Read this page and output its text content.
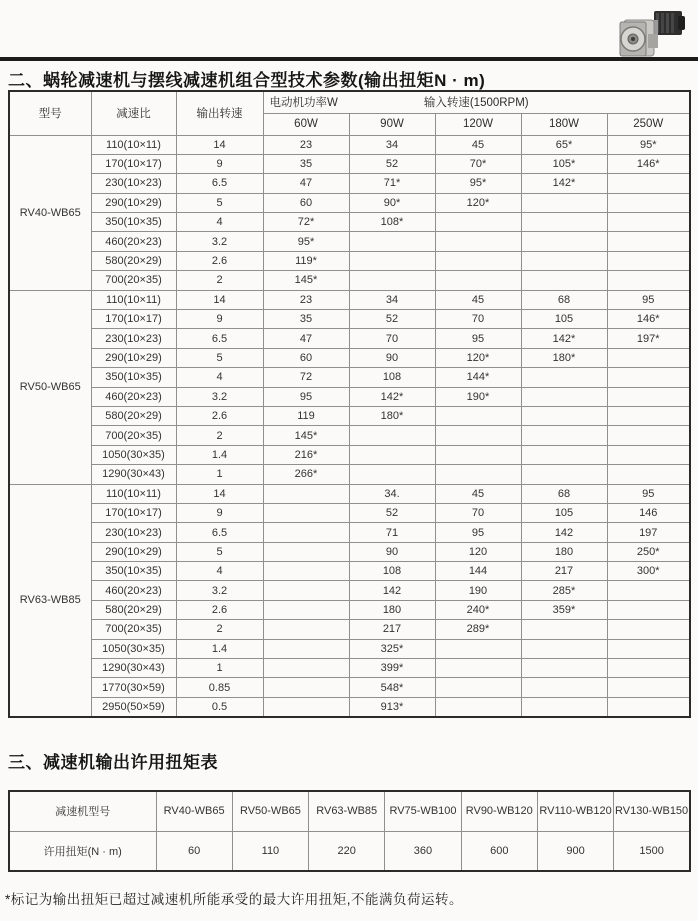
二、蜗轮减速机与摆线减速机组合型技术参数(输出扭矩N · m)
型号	减速比	输出转速	电动机功率W 输入转速(1500RPM)				
			60W	90W	120W	180W	250W
RV40-WB65	110(10×11)	14	23	34	45	65*	95*
	170(10×17)	9	35	52	70*	105*	146*
	230(10×23)	6.5	47	71*	95*	142*	
	290(10×29)	5	60	90*	120*		
	350(10×35)	4	72*	108*			
	460(20×23)	3.2	95*				
	580(20×29)	2.6	119*				
	700(20×35)	2	145*				
RV50-WB65	110(10×11)	14	23	34	45	68	95
	170(10×17)	9	35	52	70	105	146*
	230(10×23)	6.5	47	70	95	142*	197*
	290(10×29)	5	60	90	120*	180*	
	350(10×35)	4	72	108	144*		
	460(20×23)	3.2	95	142*	190*		
	580(20×29)	2.6	119	180*			
	700(20×35)	2	145*				
	1050(30×35)	1.4	216*				
	1290(30×43)	1	266*				
RV63-WB85	110(10×11)	14		34.	45	68	95
	170(10×17)	9		52	70	105	146
	230(10×23)	6.5		71	95	142	197
	290(10×29)	5		90	120	180	250*
	350(10×35)	4		108	144	217	300*
	460(20×23)	3.2		142	190	285*	
	580(20×29)	2.6		180	240*	359*	
	700(20×35)	2		217	289*		
	1050(30×35)	1.4		325*			
	1290(30×43)	1		399*			
	1770(30×59)	0.85		548*			
	2950(50×59)	0.5		913*			
三、减速机输出许用扭矩表
减速机型号	RV40-WB65	RV50-WB65	RV63-WB85	RV75-WB100	RV90-WB120	RV110-WB120	RV130-WB150
许用扭矩(N · m)	60	110	220	360	600	900	1500
*标记为输出扭矩已超过减速机所能承受的最大许用扭矩,不能满负荷运转。
